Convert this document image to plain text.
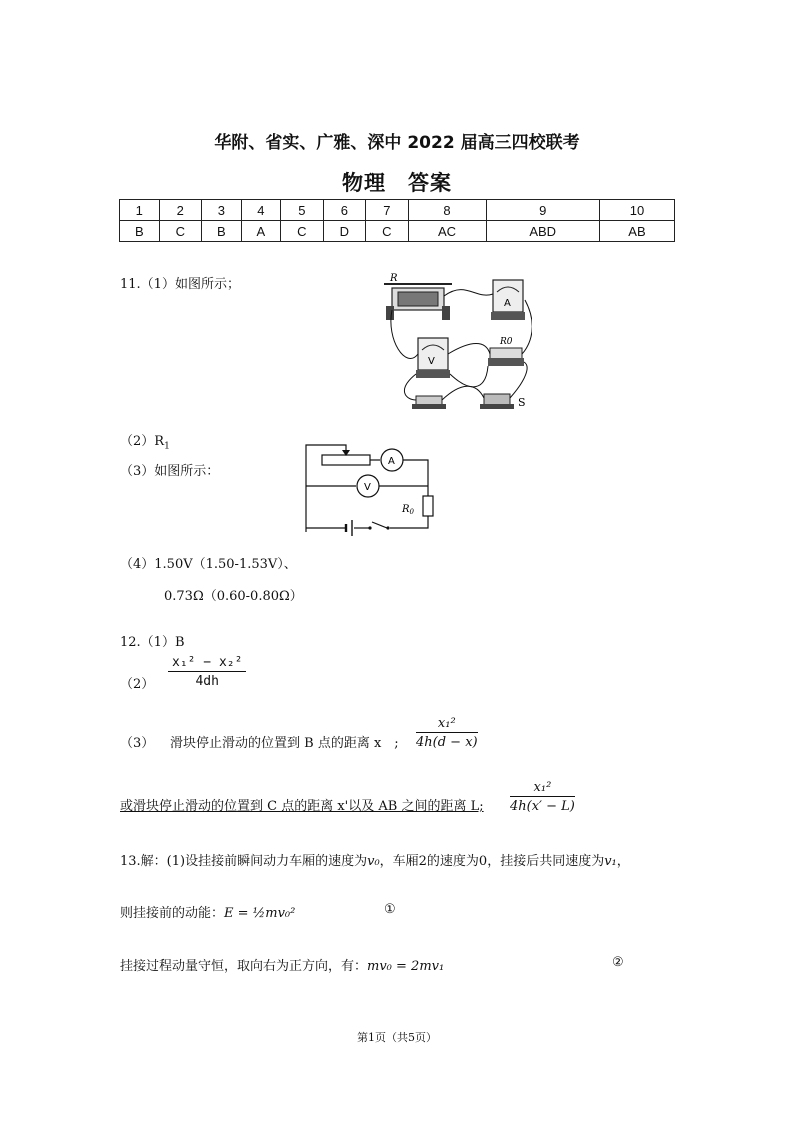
华附、省实、广雅、深中 2022 届高三四校联考
物理　答案
1	2	3	4	5	6	7	8	9	10
B	C	B	A	C	D	C	AC	ABD	AB
11.（1）如图所示；	R
A
V
R0
S
$(2)R_1$
（3）如图所示：
A
V
$R_0$
（4）1.50V（1.50-1.53V）、
0.73Ω（0.60-0.80Ω）
12.（1）B
$(2) \frac{\text{x₁² − x₂²}}{4dh}$
（3） 滑块停止滑动的位置到 B 点的距离 x　; $\frac{\text{x₁²}}{4h(d - x)}$
或滑块停止滑动的位置到 C 点的距离 x'以及 AB 之间的距离 L; $\frac{\text{x₁²}}{4h(x' - L)}$
13.解：(1)设挂接前瞬间动力车厢的速度为v₀，车厢2的速度为0，挂接后共同速度为v₁，
则挂接前的动能：E = ½mv₀²	①
挂接过程动量守恒，取向右为正方向，有：mv₀ = 2mv₁	②
第1页（共5页）
